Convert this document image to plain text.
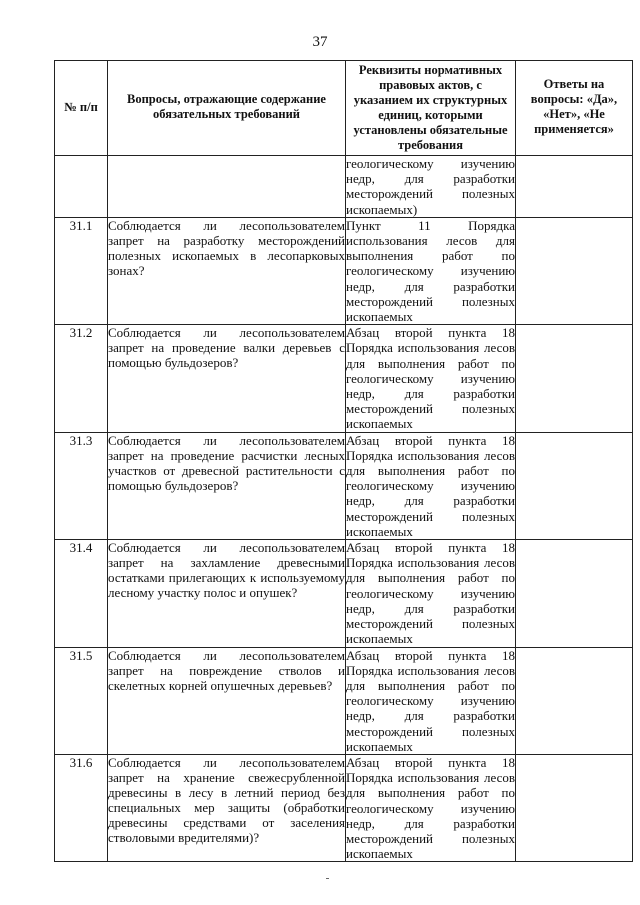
37
№ п/п	Вопросы, отражающие содержание обязательных требований	Реквизиты нормативных правовых актов, с указанием их структурных единиц, которыми установлены обязательные требования	Ответы на вопросы: «Да», «Нет», «Не применяется»

		геологическому изучению недр, для разработки месторождений полезных ископаемых)	
31.1	Соблюдается ли лесопользователем запрет на разработку месторождений полезных ископаемых в лесопарковых зонах?	Пункт 11 Порядка использования лесов для выполнения работ по геологическому изучению недр, для разработки месторождений полезных ископаемых	
31.2	Соблюдается ли лесопользователем запрет на проведение валки деревьев с помощью бульдозеров?	Абзац второй пункта 18 Порядка использования лесов для выполнения работ по геологическому изучению недр, для разработки месторождений полезных ископаемых	
31.3	Соблюдается ли лесопользователем запрет на проведение расчистки лесных участков от древесной растительности с помощью бульдозеров?	Абзац второй пункта 18 Порядка использования лесов для выполнения работ по геологическому изучению недр, для разработки месторождений полезных ископаемых	
31.4	Соблюдается ли лесопользователем запрет на захламление древесными остатками прилегающих к используемому лесному участку полос и опушек?	Абзац второй пункта 18 Порядка использования лесов для выполнения работ по геологическому изучению недр, для разработки месторождений полезных ископаемых	
31.5	Соблюдается ли лесопользователем запрет на повреждение стволов и скелетных корней опушечных деревьев?	Абзац второй пункта 18 Порядка использования лесов для выполнения работ по геологическому изучению недр, для разработки месторождений полезных ископаемых	
31.6	Соблюдается ли лесопользователем запрет на хранение свежесрубленной древесины в лесу в летний период без специальных мер защиты (обработки древесины средствами от заселения стволовыми вредителями)?	Абзац второй пункта 18 Порядка использования лесов для выполнения работ по геологическому изучению недр, для разработки месторождений полезных ископаемых	
